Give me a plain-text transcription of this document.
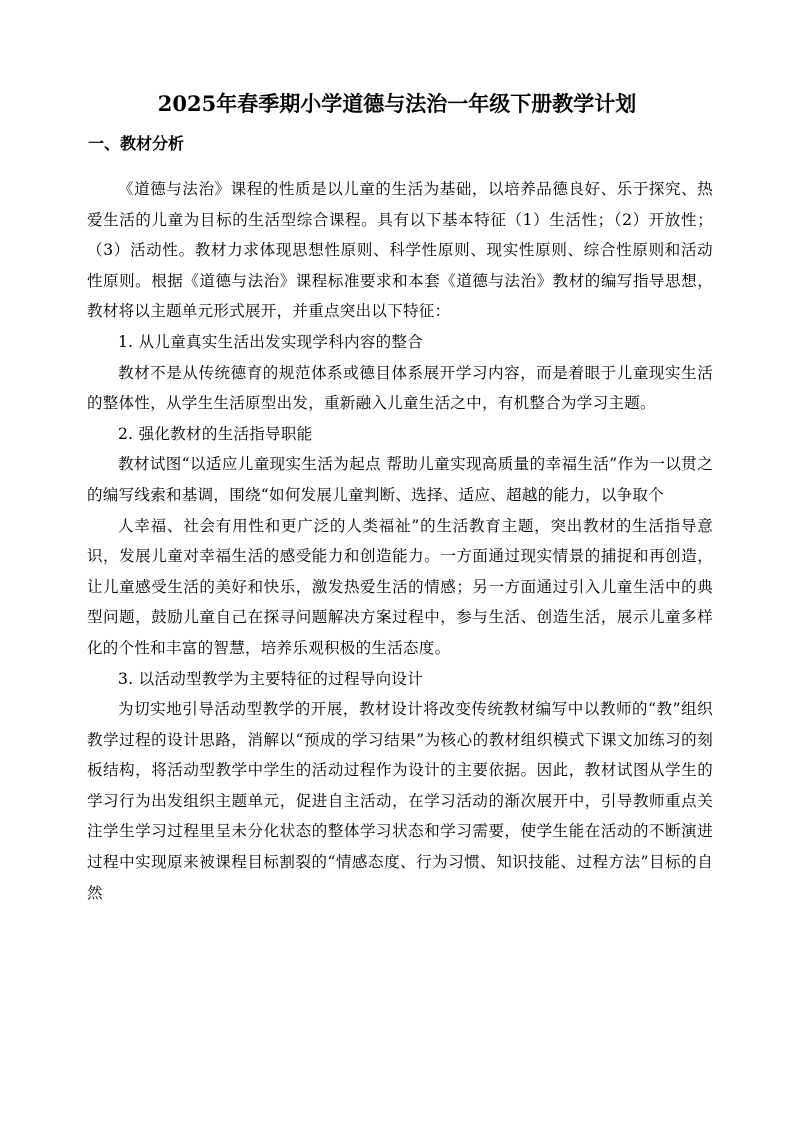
2025年春季期小学道德与法治一年级下册教学计划
一、教材分析

《道德与法治》课程的性质是以儿童的生活为基础，以培养品德良好、乐于探究、热爱生活的儿童为目标的生活型综合课程。具有以下基本特征（1）生活性；（2）开放性；（3）活动性。教材力求体现思想性原则、科学性原则、现实性原则、综合性原则和活动性原则。根据《道德与法治》课程标准要求和本套《道德与法治》教材的编写指导思想，教材将以主题单元形式展开，并重点突出以下特征：

1. 从儿童真实生活出发实现学科内容的整合

教材不是从传统德育的规范体系或德目体系展开学习内容，而是着眼于儿童现实生活的整体性，从学生生活原型出发，重新融入儿童生活之中，有机整合为学习主题。

2. 强化教材的生活指导职能

教材试图“以适应儿童现实生活为起点 帮助儿童实现高质量的幸福生活”作为一以贯之的编写线索和基调，围绕“如何发展儿童判断、选择、适应、超越的能力，以争取个

人幸福、社会有用性和更广泛的人类福祉”的生活教育主题，突出教材的生活指导意识，发展儿童对幸福生活的感受能力和创造能力。一方面通过现实情景的捕捉和再创造，让儿童感受生活的美好和快乐，激发热爱生活的情感；另一方面通过引入儿童生活中的典型问题，鼓励儿童自己在探寻问题解决方案过程中，参与生活、创造生活，展示儿童多样化的个性和丰富的智慧，培养乐观积极的生活态度。

3. 以活动型教学为主要特征的过程导向设计

为切实地引导活动型教学的开展，教材设计将改变传统教材编写中以教师的“教”组织教学过程的设计思路，消解以“预成的学习结果”为核心的教材组织模式下课文加练习的刻板结构，将活动型教学中学生的活动过程作为设计的主要依据。因此，教材试图从学生的学习行为出发组织主题单元，促进自主活动，在学习活动的渐次展开中，引导教师重点关注学生学习过程里呈未分化状态的整体学习状态和学习需要，使学生能在活动的不断演进过程中实现原来被课程目标割裂的“情感态度、行为习惯、知识技能、过程方法”目标的自然
